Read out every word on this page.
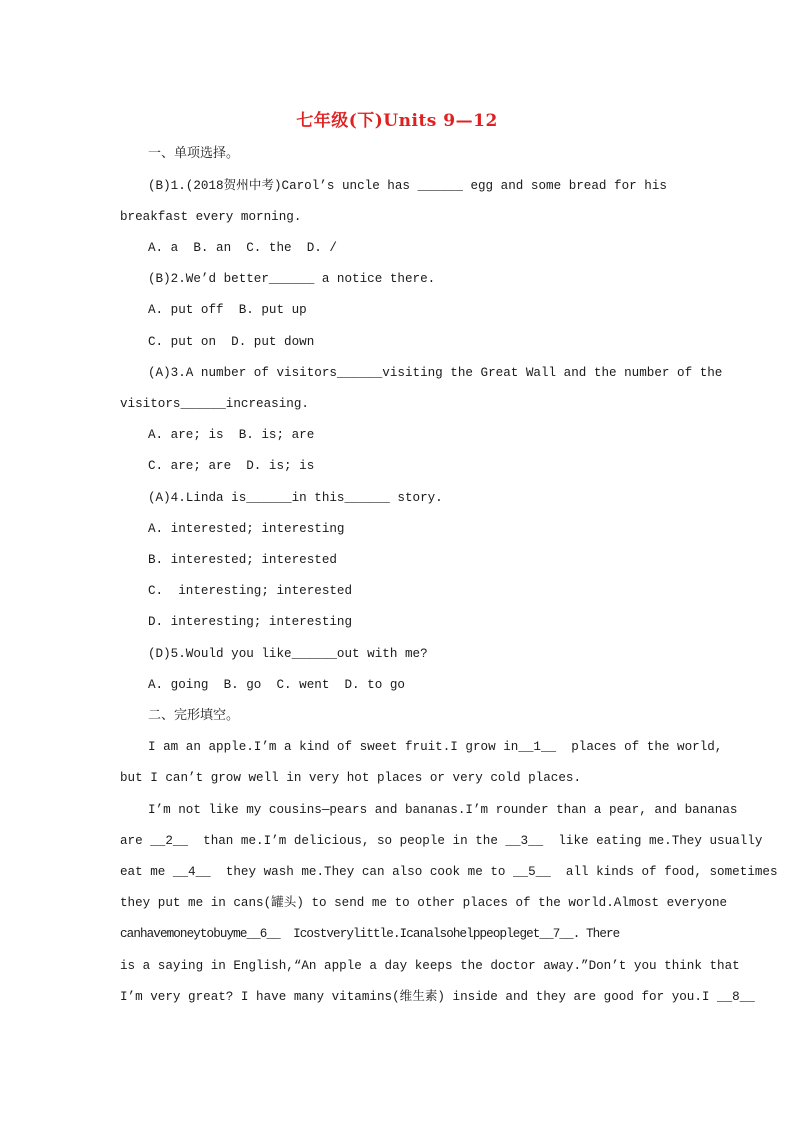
七年级(下)Units 9—12
一、单项选择。
(B)1.(2018贺州中考)Carol’s uncle has ______ egg and some bread for his
breakfast every morning.
A. a  B. an  C. the  D. /
(B)2.We’d better______ a notice there.
A. put off  B. put up
C. put on  D. put down
(A)3.A number of visitors______visiting the Great Wall and the number of the
visitors______increasing.
A. are; is  B. is; are
C. are; are  D. is; is
(A)4.Linda is______in this______ story.
A. interested; interesting
B. interested; interested
C.  interesting; interested
D. interesting; interesting
(D)5.Would you like______out with me?
A. going  B. go  C. went  D. to go
二、完形填空。
I am an apple.I’m a kind of sweet fruit.I grow in__1__  places of the world,
but I can’t grow well in very hot places or very cold places.
I’m not like my cousins—pears and bananas.I’m rounder than a pear, and bananas
are __2__  than me.I’m delicious, so people in the __3__  like eating me.They usually
eat me __4__  they wash me.They can also cook me to __5__  all kinds of food, sometimes
they put me in cans(罐头) to send me to other places of the world.Almost everyone
canhavemoneytobuyme__6__  Icostverylittle.Icanalsohelppeopleget__7__. There
is a saying in English,“An apple a day keeps the doctor away.”Don’t you think that
I’m very great? I have many vitamins(维生素) inside and they are good for you.I __8__
